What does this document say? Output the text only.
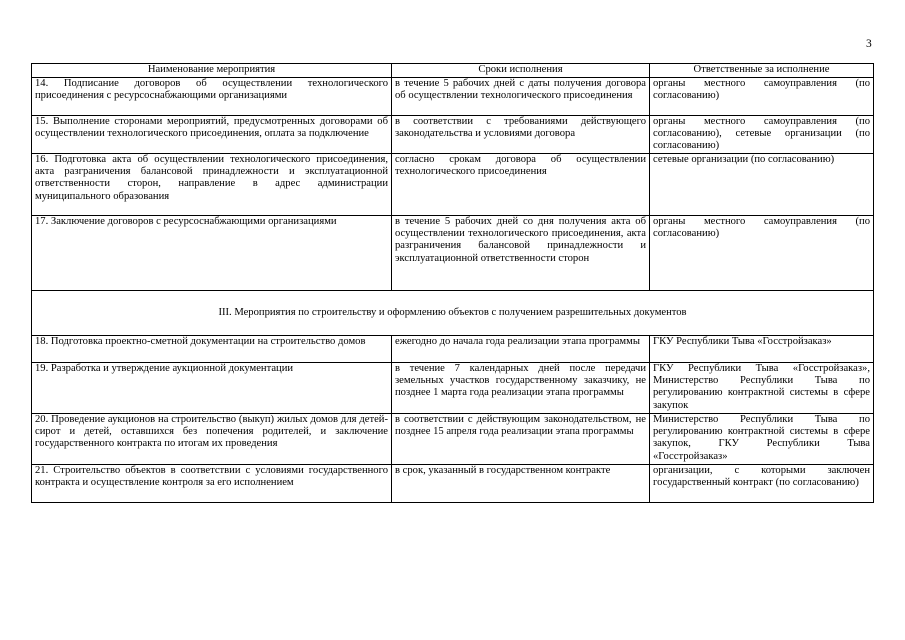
3
Наименование мероприятия	Сроки исполнения	Ответственные за исполнение
14. Подписание договоров об осуществлении технологического присоединения с ресурсоснабжающими организациями	в течение 5 рабочих дней с даты получения договора об осуществлении технологического присоединения	органы местного самоуправления (по согласованию)
15. Выполнение сторонами мероприятий, предусмотренных договорами об осуществлении технологического присоединения, оплата за подключение	в соответствии с требованиями действующего законодательства и условиями договора	органы местного самоуправления (по согласованию), сетевые организации (по согласованию)
16. Подготовка акта об осуществлении технологического присоединения, акта разграничения балансовой принадлежности и эксплуатационной ответственности сторон, направление в адрес администрации муниципального образования	согласно срокам договора об осуществлении технологического присоединения	сетевые организации (по согласованию)
17. Заключение договоров с ресурсоснабжающими организациями	в течение 5 рабочих дней со дня получения акта об осуществлении технологического присоединения, акта разграничения балансовой принадлежности и эксплуатационной ответственности сторон	органы местного самоуправления (по согласованию)
III. Мероприятия по строительству и оформлению объектов с получением разрешительных документов		
18. Подготовка проектно-сметной документации на строительство домов	ежегодно до начала года реализации этапа программы	ГКУ Республики Тыва «Госстройзаказ»
19. Разработка и утверждение аукционной документации	в течение 7 календарных дней после передачи земельных участков государственному заказчику, не позднее 1 марта года реализации этапа программы	ГКУ Республики Тыва «Госстройзаказ», Министерство Республики Тыва по регулированию контрактной системы в сфере закупок
20. Проведение аукционов на строительство (выкуп) жилых домов для детей-сирот и детей, оставшихся без попечения родителей, и заключение государственного контракта по итогам их проведения	в соответствии с действующим законодательством, не позднее 15 апреля года реализации этапа программы	Министерство Республики Тыва по регулированию контрактной системы в сфере закупок, ГКУ Республики Тыва «Госстройзаказ»
21. Строительство объектов в соответствии с условиями государственного контракта и осуществление контроля за его исполнением	в срок, указанный в государственном контракте	организации, с которыми заключен государственный контракт (по согласованию)
